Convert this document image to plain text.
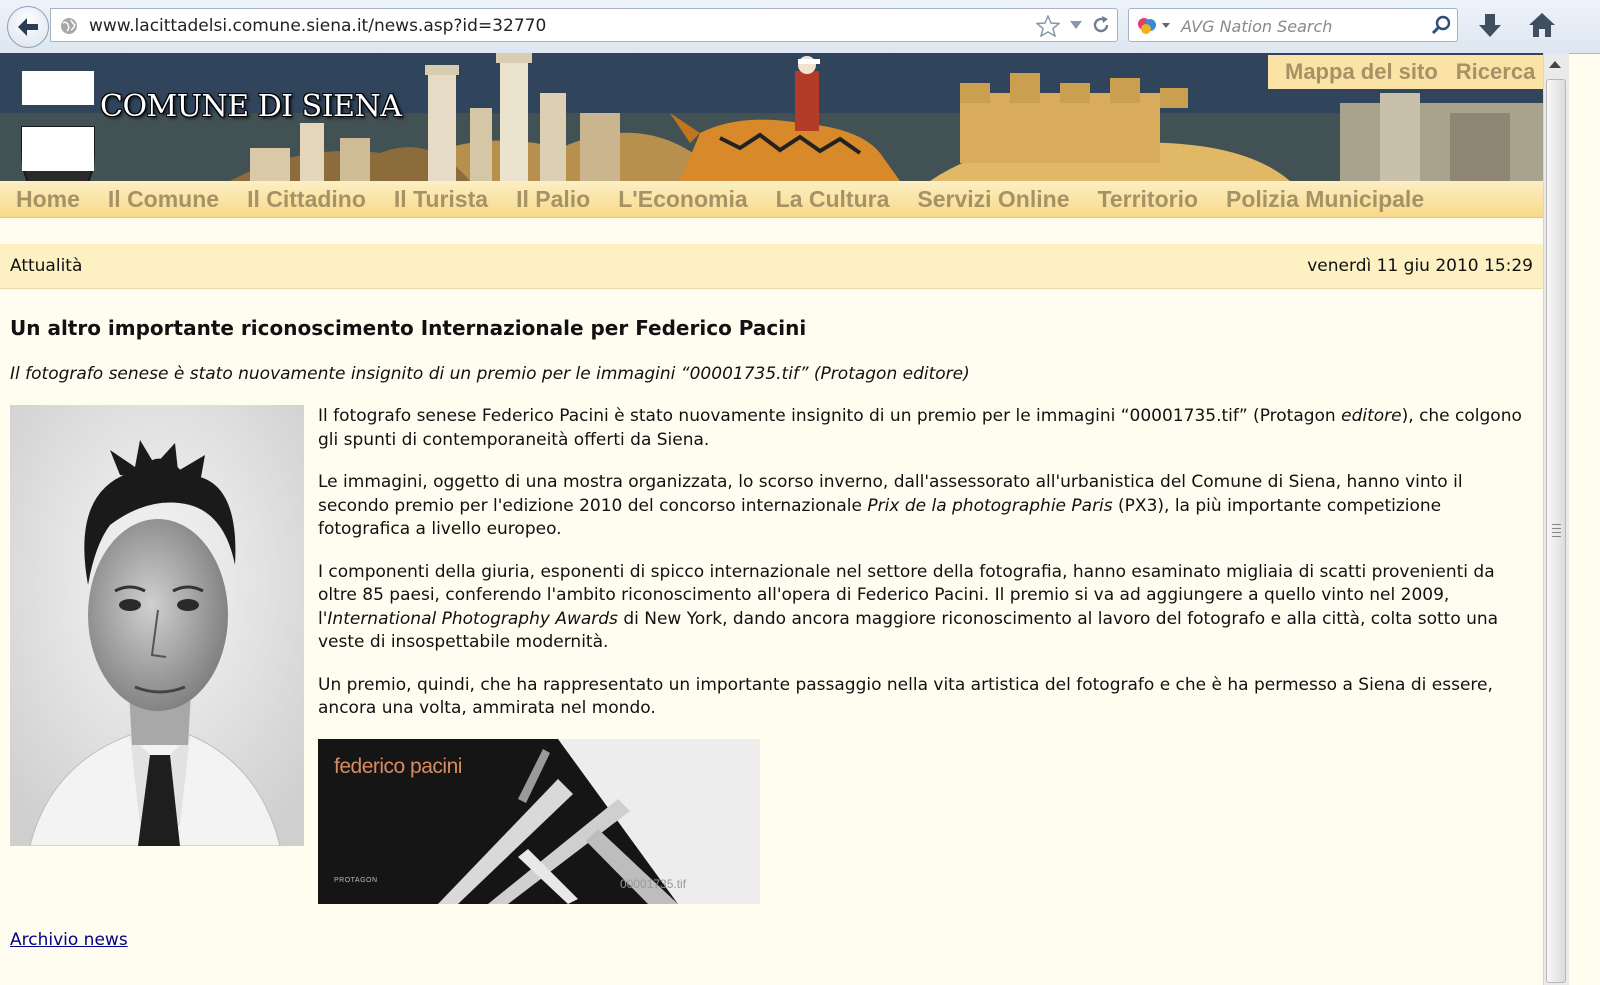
www.lacittadelsi.comune.siena.it/news.asp?id=32770	AVG Nation Search
COMUNE DI SIENA
Mappa del sito Ricerca
Home Il Comune Il Cittadino Il Turista Il Palio L'Economia La Cultura Servizi Online Territorio Polizia Municipale
Attualità	venerdì 11 giu 2010 15:29
Un altro importante riconoscimento Internazionale per Federico Pacini

Il fotografo senese è stato nuovamente insignito di un premio per le immagini “00001735.tif” (Protagon editore)

Il fotografo senese Federico Pacini è stato nuovamente insignito di un premio per le immagini “00001735.tif” (Protagon editore), che colgono gli spunti di contemporaneità offerti da Siena.

Le immagini, oggetto di una mostra organizzata, lo scorso inverno, dall'assessorato all'urbanistica del Comune di Siena, hanno vinto il secondo premio per l'edizione 2010 del concorso internazionale Prix de la photographie Paris (PX3), la più importante competizione fotografica a livello europeo.

I componenti della giuria, esponenti di spicco internazionale nel settore della fotografia, hanno esaminato migliaia di scatti provenienti da oltre 85 paesi, conferendo l'ambito riconoscimento all'opera di Federico Pacini. Il premio si va ad aggiungere a quello vinto nel 2009, l'International Photography Awards di New York, dando ancora maggiore riconoscimento al lavoro del fotografo e alla città, colta sotto una veste di insospettabile modernità.

Un premio, quindi, che ha rappresentato un importante passaggio nella vita artistica del fotografo e che è ha permesso a Siena di essere, ancora una volta, ammirata nel mondo.

federico pacini
PROTAGON	00001735.tif
Archivio news
